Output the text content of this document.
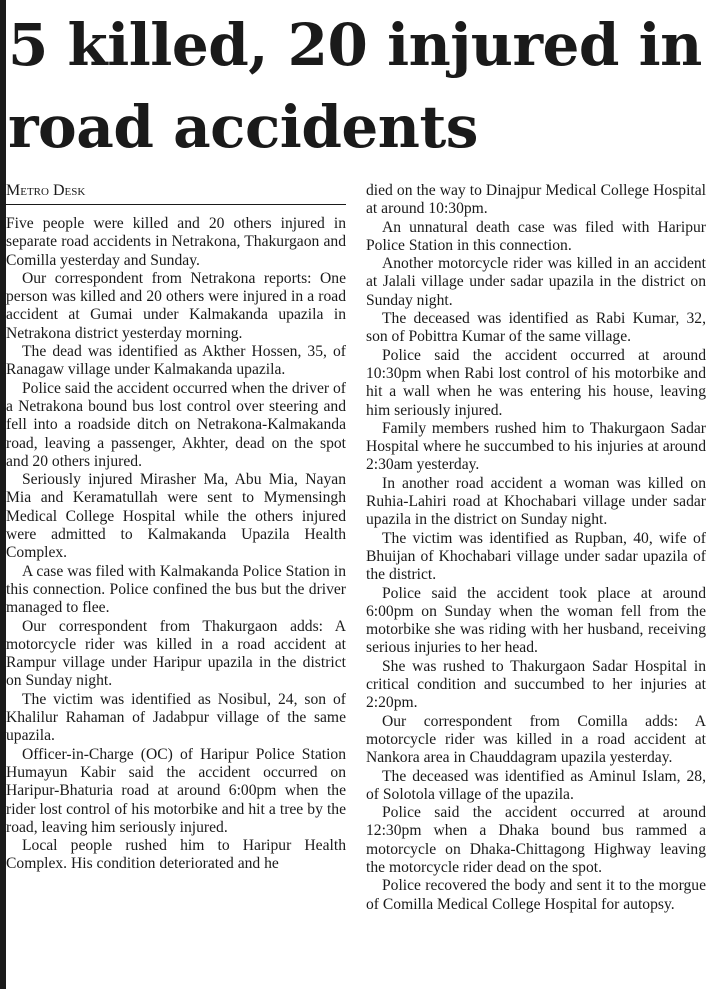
5 killed, 20 injured in
road accidents
Metro Desk

Five people were killed and 20 others injured in separate road accidents in Netrakona, Thakurgaon and Comilla yesterday and Sunday.

Our correspondent from Netrakona reports: One person was killed and 20 others were injured in a road accident at Gumai under Kalmakanda upazila in Netrakona district yesterday morning.

The dead was identified as Akther Hossen, 35, of Ranagaw village under Kalmakanda upazila.

Police said the accident occurred when the driver of a Netrakona bound bus lost control over steering and fell into a roadside ditch on Netrakona-Kalmakanda road, leaving a passenger, Akhter, dead on the spot and 20 others injured.

Seriously injured Mirasher Ma, Abu Mia, Nayan Mia and Keramatullah were sent to Mymensingh Medical College Hospital while the others injured were admitted to Kalmakanda Upazila Health Complex.

A case was filed with Kalmakanda Police Station in this connection. Police confined the bus but the driver managed to flee.

Our correspondent from Thakurgaon adds: A motorcycle rider was killed in a road accident at Rampur village under Haripur upazila in the district on Sunday night.

The victim was identified as Nosibul, 24, son of Khalilur Rahaman of Jadabpur village of the same upazila.

Officer-in-Charge (OC) of Haripur Police Station Humayun Kabir said the accident occurred on Haripur-Bhaturia road at around 6:00pm when the rider lost control of his motorbike and hit a tree by the road, leaving him seriously injured.

Local people rushed him to Haripur Health Complex. His condition deteriorated and he

died on the way to Dinajpur Medical College Hospital at around 10:30pm.

An unnatural death case was filed with Haripur Police Station in this connection.

Another motorcycle rider was killed in an accident at Jalali village under sadar upazila in the district on Sunday night.

The deceased was identified as Rabi Kumar, 32, son of Pobittra Kumar of the same village.

Police said the accident occurred at around 10:30pm when Rabi lost control of his motorbike and hit a wall when he was entering his house, leaving him seriously injured.

Family members rushed him to Thakurgaon Sadar Hospital where he succumbed to his injuries at around 2:30am yesterday.

In another road accident a woman was killed on Ruhia-Lahiri road at Khochabari village under sadar upazila in the district on Sunday night.

The victim was identified as Rupban, 40, wife of Bhuijan of Khochabari village under sadar upazila of the district.

Police said the accident took place at around 6:00pm on Sunday when the woman fell from the motorbike she was riding with her husband, receiving serious injuries to her head.

She was rushed to Thakurgaon Sadar Hospital in critical condition and succumbed to her injuries at 2:20pm.

Our correspondent from Comilla adds: A motorcycle rider was killed in a road accident at Nankora area in Chauddagram upazila yesterday.

The deceased was identified as Aminul Islam, 28, of Solotola village of the upazila.

Police said the accident occurred at around 12:30pm when a Dhaka bound bus rammed a motorcycle on Dhaka-Chittagong Highway leaving the motorcycle rider dead on the spot.

Police recovered the body and sent it to the morgue of Comilla Medical College Hospital for autopsy.
